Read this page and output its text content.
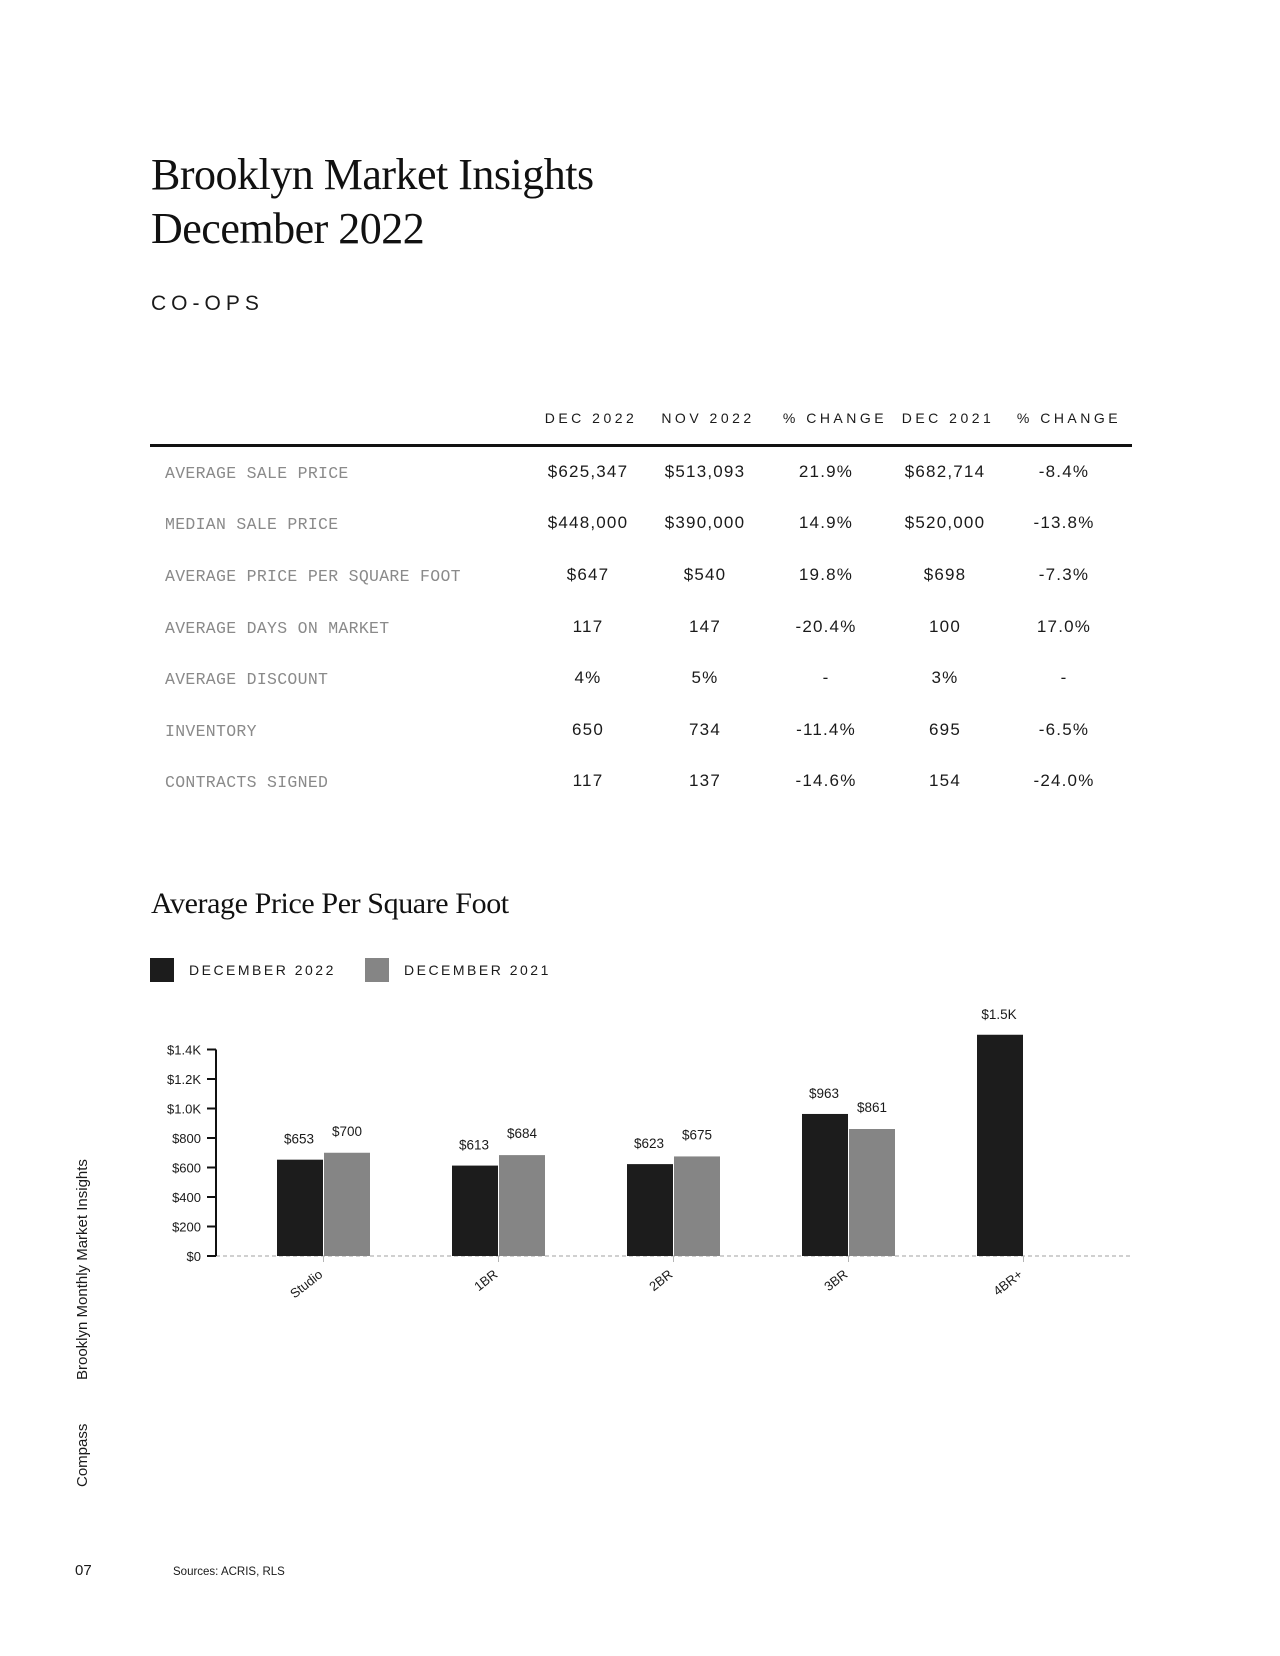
Brooklyn Market Insights
December 2022
CO-OPS
DEC 2022	NOV 2022	% CHANGE	DEC 2021	% CHANGE
AVERAGE SALE PRICE	$625,347	$513,093	21.9%	$682,714	-8.4%
MEDIAN SALE PRICE	$448,000	$390,000	14.9%	$520,000	-13.8%
AVERAGE PRICE PER SQUARE FOOT	$647	$540	19.8%	$698	-7.3%
AVERAGE DAYS ON MARKET	117	147	-20.4%	100	17.0%
AVERAGE DISCOUNT	4%	5%	-	3%	-
INVENTORY	650	734	-11.4%	695	-6.5%
CONTRACTS SIGNED	117	137	-14.6%	154	-24.0%
Average Price Per Square Foot
DECEMBER 2022	DECEMBER 2021
$0
$200
$400
$600
$800
$1.0K
$1.2K
$1.4K
$653
$700
Studio
$613
$684
1BR
$623
$675
2BR
$963
$861
3BR
$1.5K
4BR+
Brooklyn Monthly Market Insights
Compass
07	Sources: ACRIS, RLS
